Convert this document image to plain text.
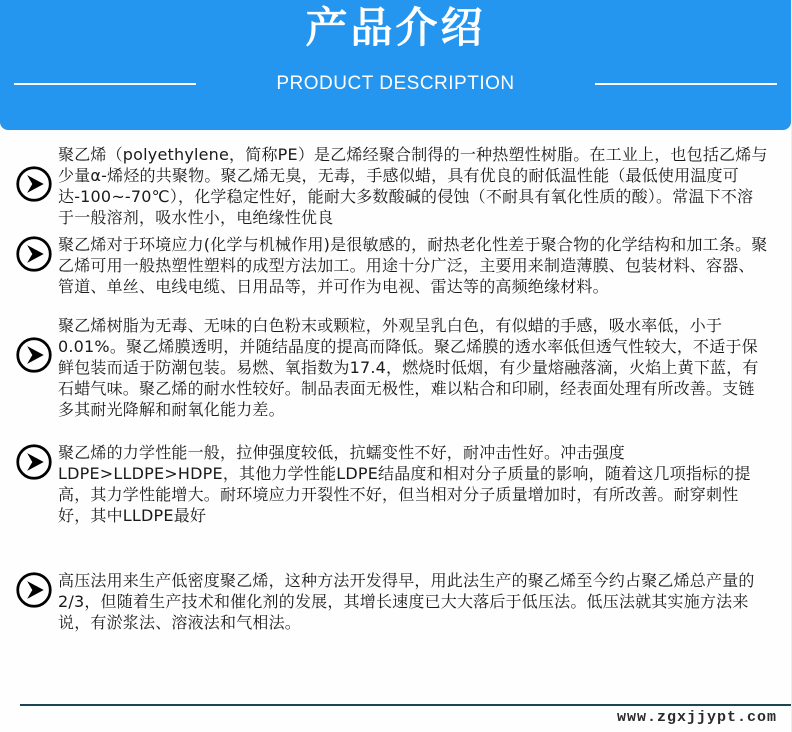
产品介绍
PRODUCT DESCRIPTION

聚乙烯（polyethylene，简称PE）是乙烯经聚合制得的一种热塑性树脂。在工业上，也包括乙烯与少量α-烯烃的共聚物。聚乙烯无臭，无毒，手感似蜡，具有优良的耐低温性能（最低使用温度可达-100~-70℃），化学稳定性好，能耐大多数酸碱的侵蚀（不耐具有氧化性质的酸）。常温下不溶于一般溶剂，吸水性小，电绝缘性优良

聚乙烯对于环境应力(化学与机械作用)是很敏感的，耐热老化性差于聚合物的化学结构和加工条。聚乙烯可用一般热塑性塑料的成型方法加工。用途十分广泛，主要用来制造薄膜、包装材料、容器、管道、单丝、电线电缆、日用品等，并可作为电视、雷达等的高频绝缘材料。

聚乙烯树脂为无毒、无味的白色粉末或颗粒，外观呈乳白色，有似蜡的手感，吸水率低，小于0.01%。聚乙烯膜透明，并随结晶度的提高而降低。聚乙烯膜的透水率低但透气性较大，不适于保鲜包装而适于防潮包装。易燃、氧指数为17.4，燃烧时低烟，有少量熔融落滴，火焰上黄下蓝，有石蜡气味。聚乙烯的耐水性较好。制品表面无极性，难以粘合和印刷，经表面处理有所改善。支链多其耐光降解和耐氧化能力差。

聚乙烯的力学性能一般，拉伸强度较低，抗蠕变性不好，耐冲击性好。冲击强度LDPE>LLDPE>HDPE，其他力学性能LDPE结晶度和相对分子质量的影响，随着这几项指标的提高，其力学性能增大。耐环境应力开裂性不好，但当相对分子质量增加时，有所改善。耐穿刺性好，其中LLDPE最好

高压法用来生产低密度聚乙烯，这种方法开发得早，用此法生产的聚乙烯至今约占聚乙烯总产量的2/3，但随着生产技术和催化剂的发展，其增长速度已大大落后于低压法。低压法就其实施方法来说，有淤浆法、溶液法和气相法。

www.zgxjjypt.com
